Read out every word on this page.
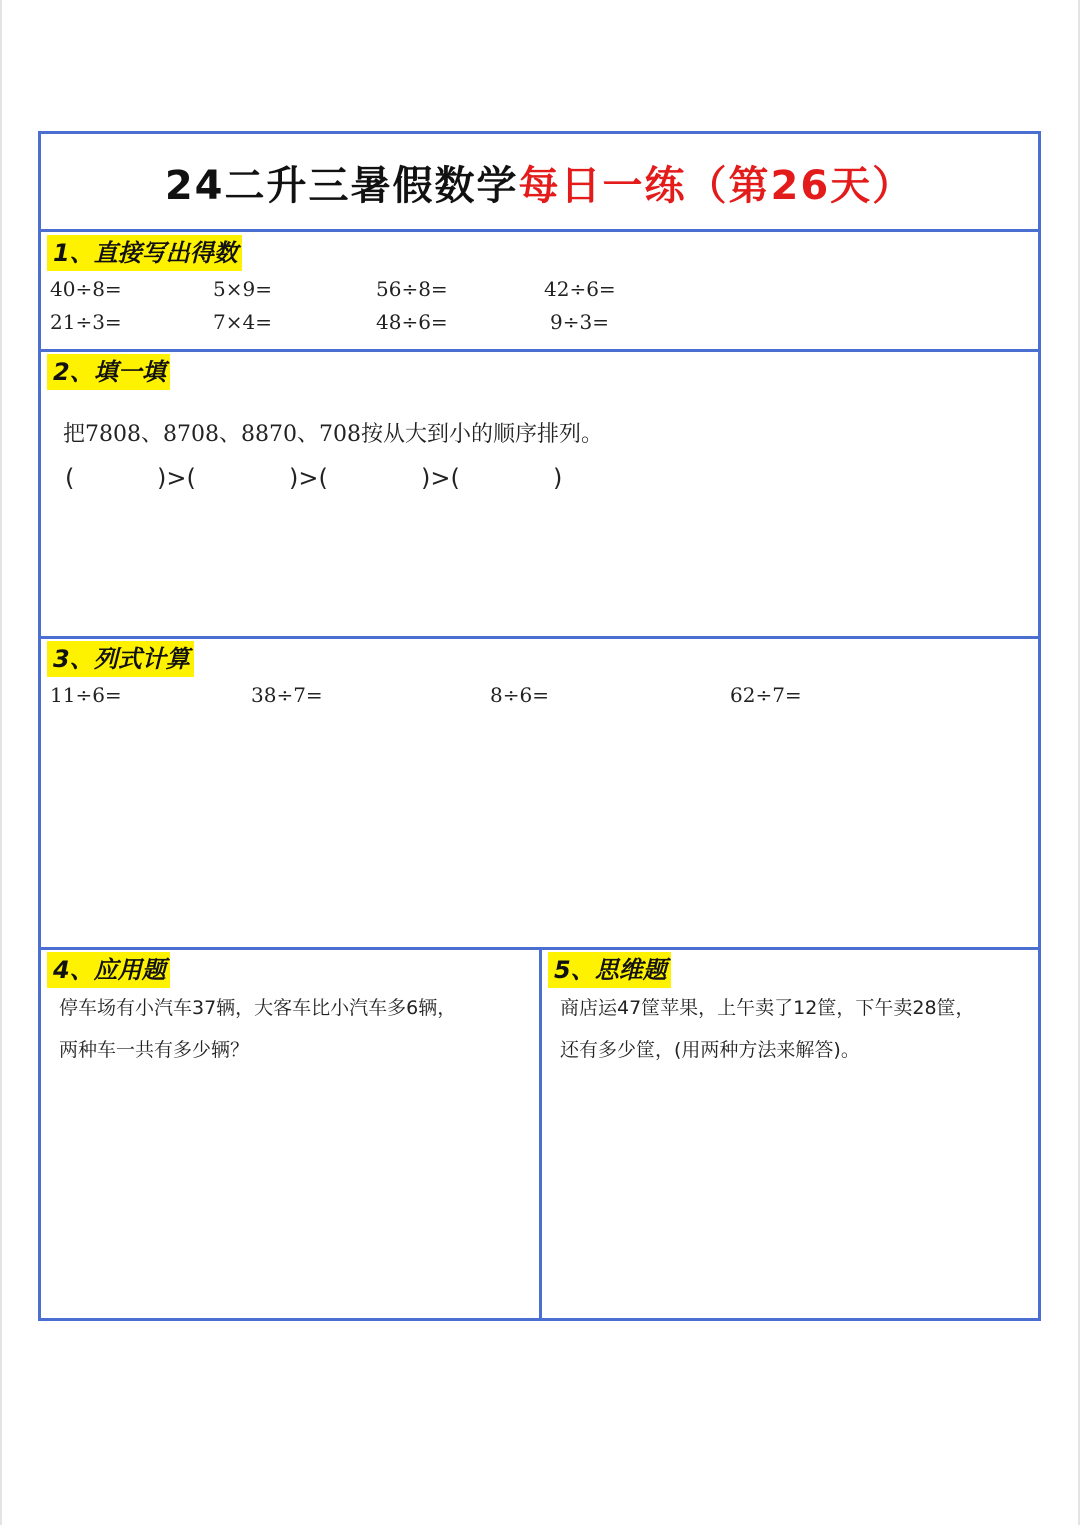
24二升三暑假数学 每日一练（第26天）
1、直接写出得数
40÷8=	5×9=	56÷8=	42÷6=
21÷3=	7×4=	48÷6=	9÷3=
2、填一填
把7808、8708、8870、708按从大到小的顺序排列。
(	)>(	)>(	)>(	)
3、列式计算
11÷6=	38÷7=	8÷6=	62÷7=
4、应用题
停车场有小汽车37辆，大客车比小汽车多6辆，
两种车一共有多少辆？
5、思维题
商店运47筐苹果，上午卖了12筐，下午卖28筐，
还有多少筐，(用两种方法来解答)。
